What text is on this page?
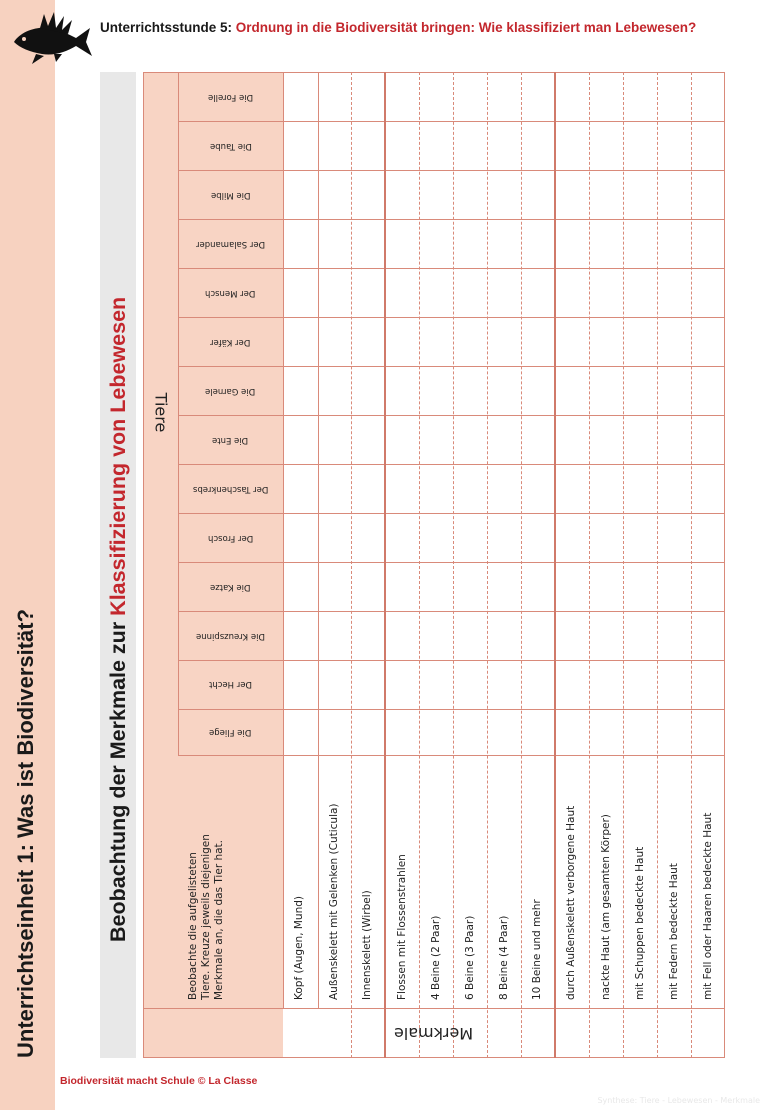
Unterrichtseinheit 1: Was ist Biodiversität?
Unterrichtsstunde 5: Ordnung in die Biodiversität bringen: Wie klassifiziert man Lebewesen?
Beobachtung der Merkmale zur Klassifizierung von Lebewesen	Tiere
Merkmale
Beobachte die aufgelisteten Tiere. Kreuze jeweils diejenigen Merkmale an, die das Tier hat.
Die Fliege
Der Hecht
Die Kreuzspinne
Die Katze
Der Frosch
Der Taschenkrebs
Die Ente
Die Garnele
Der Käfer
Der Mensch
Der Salamander
Die Milbe
Die Taube
Die Forelle
Kopf (Augen, Mund) Außenskelett mit Gelenken (Cuticula) Innenskelett (Wirbel) Flossen mit Flossenstrahlen 4 Beine (2 Paar) 6 Beine (3 Paar) 8 Beine (4 Paar) 10 Beine und mehr durch Außenskelett verborgene Haut nackte Haut (am gesamten Körper) mit Schuppen bedeckte Haut mit Federn bedeckte Haut mit Fell oder Haaren bedeckte Haut
Biodiversität macht Schule © La Classe
Synthese: Tiere - Lebewesen - Merkmale
